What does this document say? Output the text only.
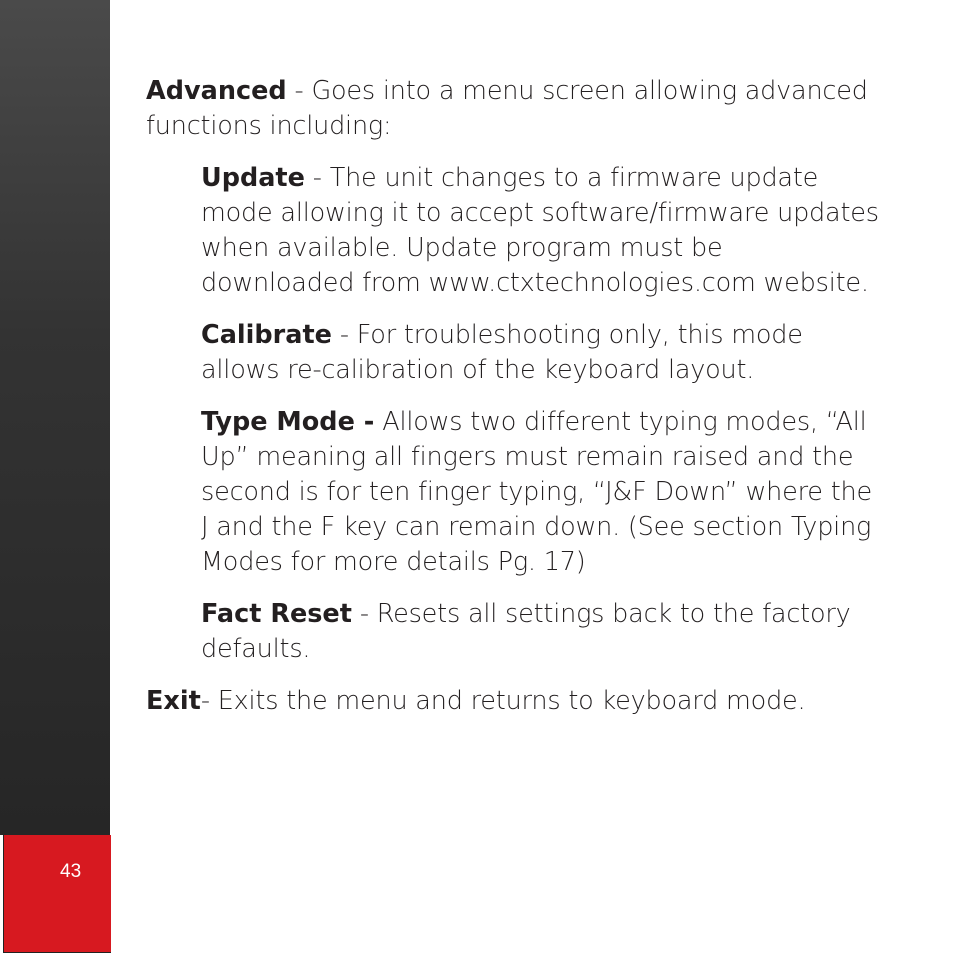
43

Advanced - Goes into a menu screen allowing advanced functions including:

Update - The unit changes to a firmware update mode allowing it to accept software/firmware updates when available. Update program must be downloaded from www.ctxtechnologies.com website.

Calibrate - For troubleshooting only, this mode allows re-calibration of the keyboard layout.

Type Mode - Allows two different typing modes, “All Up” meaning all fingers must remain raised and the second is for ten finger typing, “J&F Down” where the J and the F key can remain down. (See section Typing Modes for more details Pg. 17)

Fact Reset - Resets all settings back to the factory defaults.

Exit- Exits the menu and returns to keyboard mode.
